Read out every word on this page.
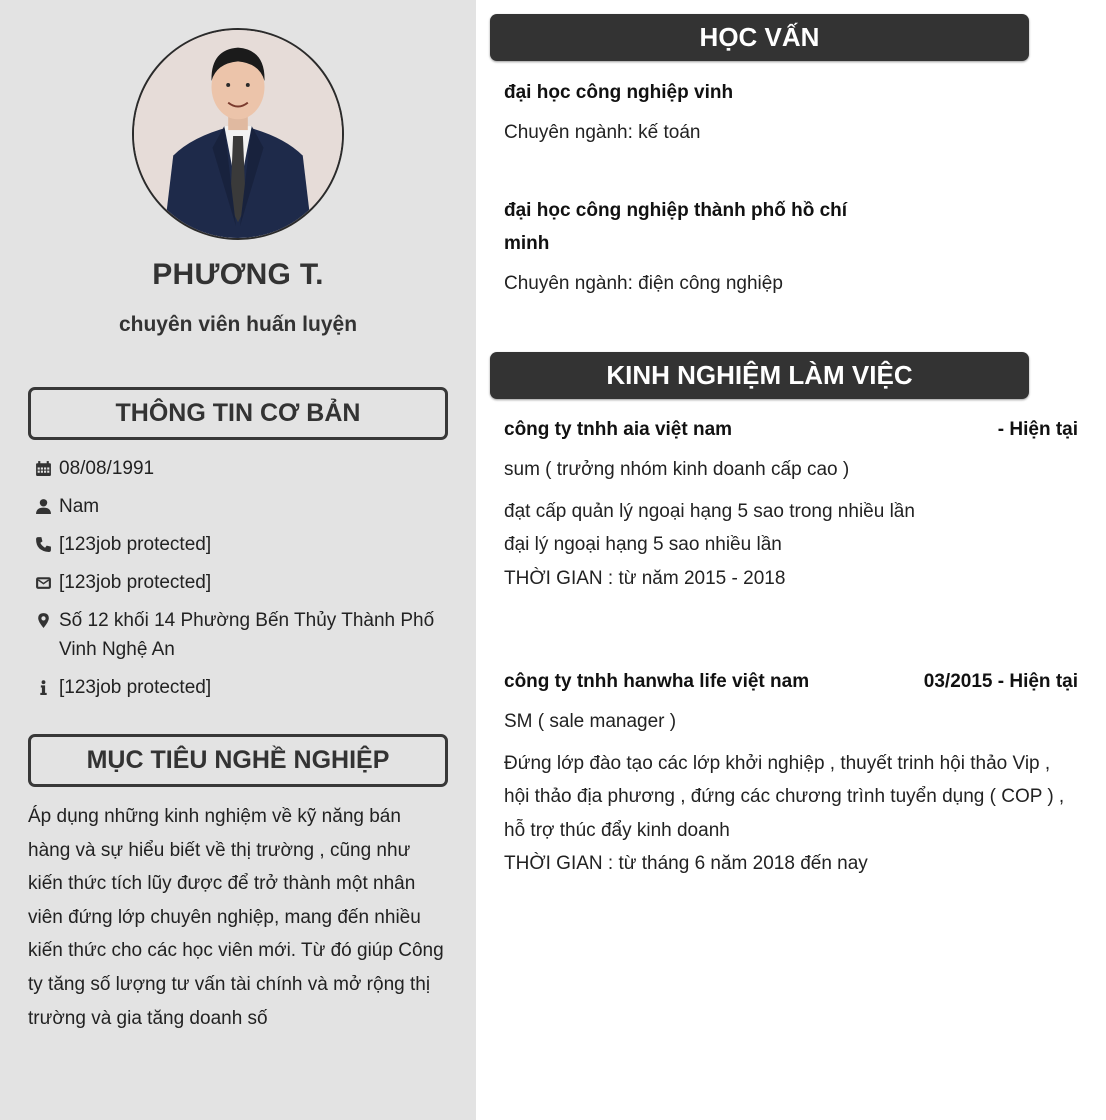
PHƯƠNG T.
chuyên viên huấn luyện
THÔNG TIN CƠ BẢN
08/08/1991
Nam
[123job protected]
[123job protected]
Số 12 khối 14 Phường Bến Thủy Thành Phố Vinh Nghệ An
[123job protected]
MỤC TIÊU NGHỀ NGHIỆP
Áp dụng những kinh nghiệm về kỹ năng bán hàng và sự hiểu biết về thị trường , cũng như kiến thức tích lũy được để trở thành một nhân viên đứng lớp chuyên nghiệp, mang đến nhiều kiến thức cho các học viên mới. Từ đó giúp Công ty tăng số lượng tư vấn tài chính và mở rộng thị trường và gia tăng doanh số
HỌC VẤN
đại học công nghiệp vinh
Chuyên ngành: kế toán
đại học công nghiệp thành phố hồ chí minh
Chuyên ngành: điện công nghiệp
KINH NGHIỆM LÀM VIỆC
công ty tnhh aia việt nam	- Hiện tại
sum ( trưởng nhóm kinh doanh cấp cao )
đạt cấp quản lý ngoại hạng 5 sao trong nhiều lần
đại lý ngoại hạng 5 sao nhiều lần
THỜI GIAN : từ năm 2015 - 2018
công ty tnhh hanwha life việt nam	03/2015 - Hiện tại
SM ( sale manager )
Đứng lớp đào tạo các lớp khởi nghiệp , thuyết trinh hội thảo Vip , hội thảo địa phương , đứng các chương trình tuyển dụng ( COP ) , hỗ trợ thúc đẩy kinh doanh
THỜI GIAN : từ tháng 6 năm 2018 đến nay
